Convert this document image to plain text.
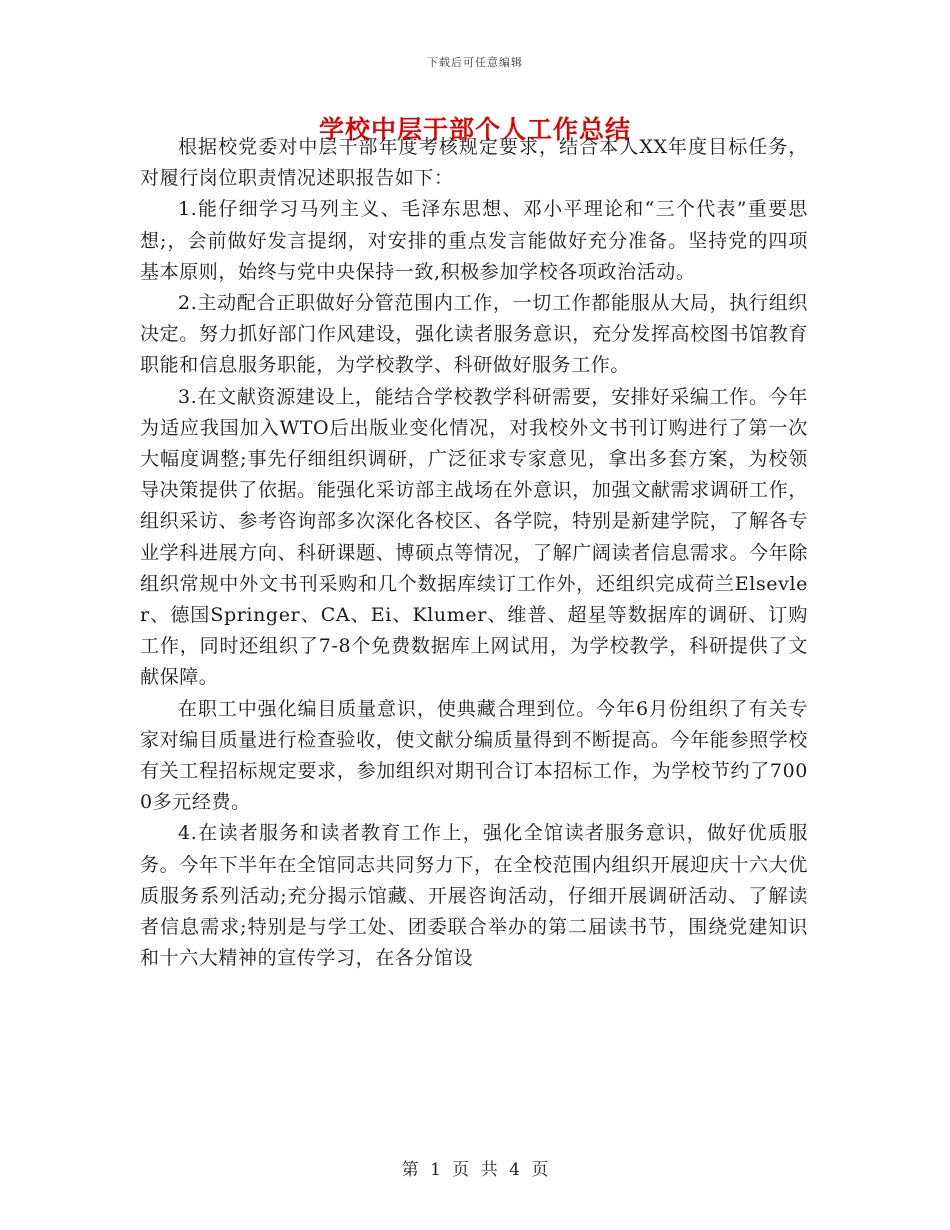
下载后可任意编辑
学校中层干部个人工作总结

根据校党委对中层干部年度考核规定要求，结合本人XX年度目标任务，对履行岗位职责情况述职报告如下：

1.能仔细学习马列主义、毛泽东思想、邓小平理论和“三个代表”重要思想;，会前做好发言提纲，对安排的重点发言能做好充分准备。坚持党的四项基本原则，始终与党中央保持一致,积极参加学校各项政治活动。

2.主动配合正职做好分管范围内工作，一切工作都能服从大局，执行组织决定。努力抓好部门作风建设，强化读者服务意识，充分发挥高校图书馆教育职能和信息服务职能，为学校教学、科研做好服务工作。

3.在文献资源建设上，能结合学校教学科研需要，安排好采编工作。今年为适应我国加入WTO后出版业变化情况，对我校外文书刊订购进行了第一次大幅度调整;事先仔细组织调研，广泛征求专家意见，拿出多套方案，为校领导决策提供了依据。能强化采访部主战场在外意识，加强文献需求调研工作，组织采访、参考咨询部多次深化各校区、各学院，特别是新建学院，了解各专业学科进展方向、科研课题、博硕点等情况，了解广阔读者信息需求。今年除组织常规中外文书刊采购和几个数据库续订工作外，还组织完成荷兰Elsevler、德国Springer、CA、Ei、Klumer、维普、超星等数据库的调研、订购工作，同时还组织了7-8个免费数据库上网试用，为学校教学，科研提供了文献保障。

在职工中强化编目质量意识，使典藏合理到位。今年6月份组织了有关专家对编目质量进行检查验收，使文献分编质量得到不断提高。今年能参照学校有关工程招标规定要求，参加组织对期刊合订本招标工作，为学校节约了7000多元经费。

4.在读者服务和读者教育工作上，强化全馆读者服务意识，做好优质服务。今年下半年在全馆同志共同努力下，在全校范围内组织开展迎庆十六大优质服务系列活动;充分揭示馆藏、开展咨询活动，仔细开展调研活动、了解读者信息需求;特别是与学工处、团委联合举办的第二届读书节，围绕党建知识和十六大精神的宣传学习，在各分馆设

第 1 页 共 4 页
